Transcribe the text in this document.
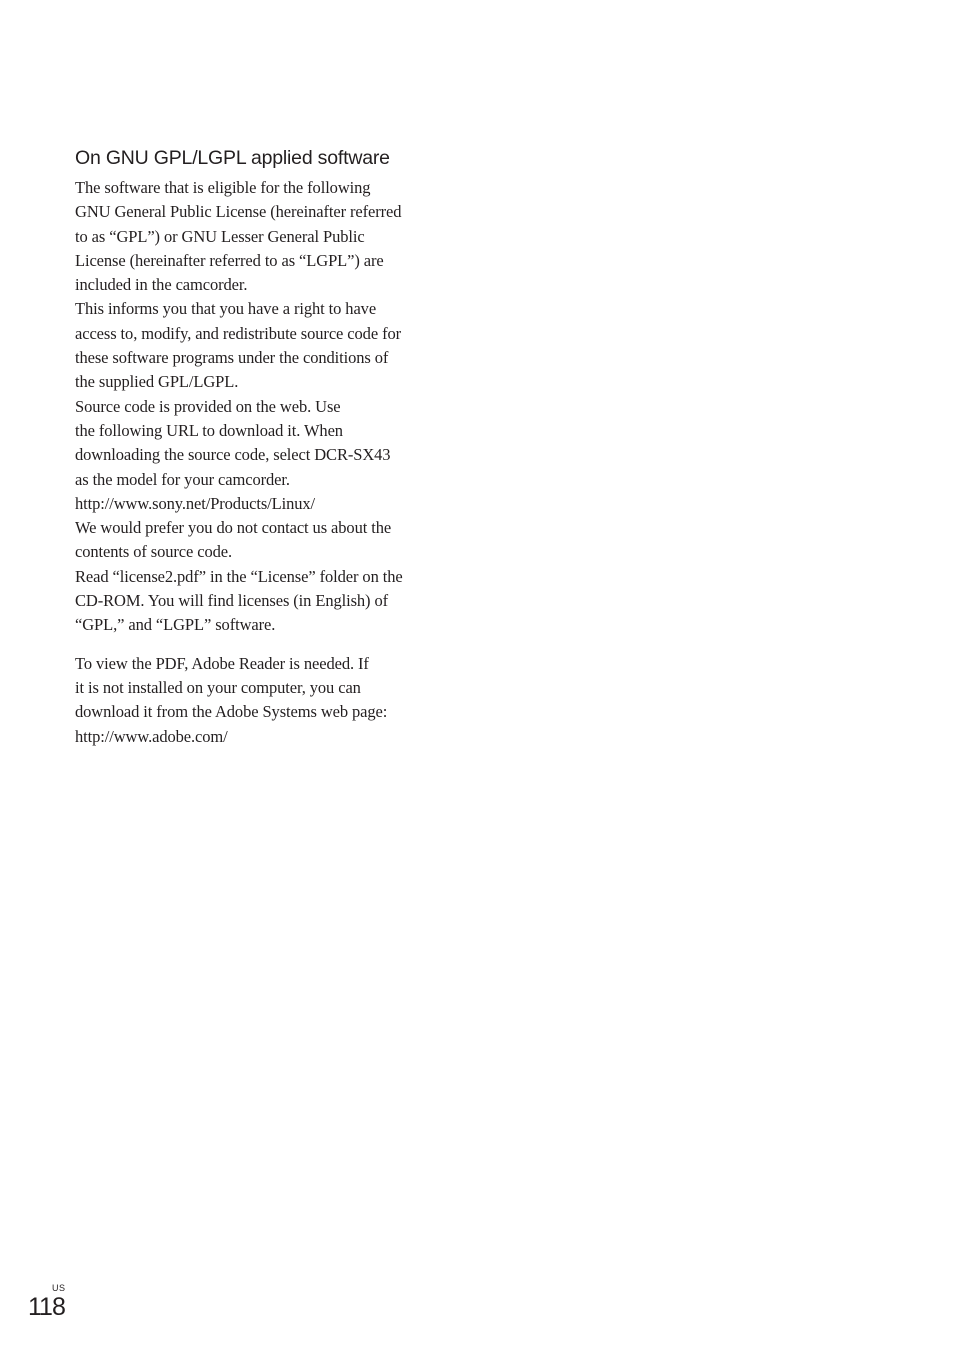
On GNU GPL/LGPL applied software

The software that is eligible for the following
GNU General Public License (hereinafter referred
to as “GPL”) or GNU Lesser General Public
License (hereinafter referred to as “LGPL”) are
included in the camcorder.
This informs you that you have a right to have
access to, modify, and redistribute source code for
these software programs under the conditions of
the supplied GPL/LGPL.
Source code is provided on the web. Use
the following URL to download it. When
downloading the source code, select DCR-SX43
as the model for your camcorder.
http://www.sony.net/Products/Linux/
We would prefer you do not contact us about the
contents of source code.
Read “license2.pdf” in the “License” folder on the
CD-ROM. You will find licenses (in English) of
“GPL,” and “LGPL” software.

To view the PDF, Adobe Reader is needed. If
it is not installed on your computer, you can
download it from the Adobe Systems web page:
http://www.adobe.com/

US
118
